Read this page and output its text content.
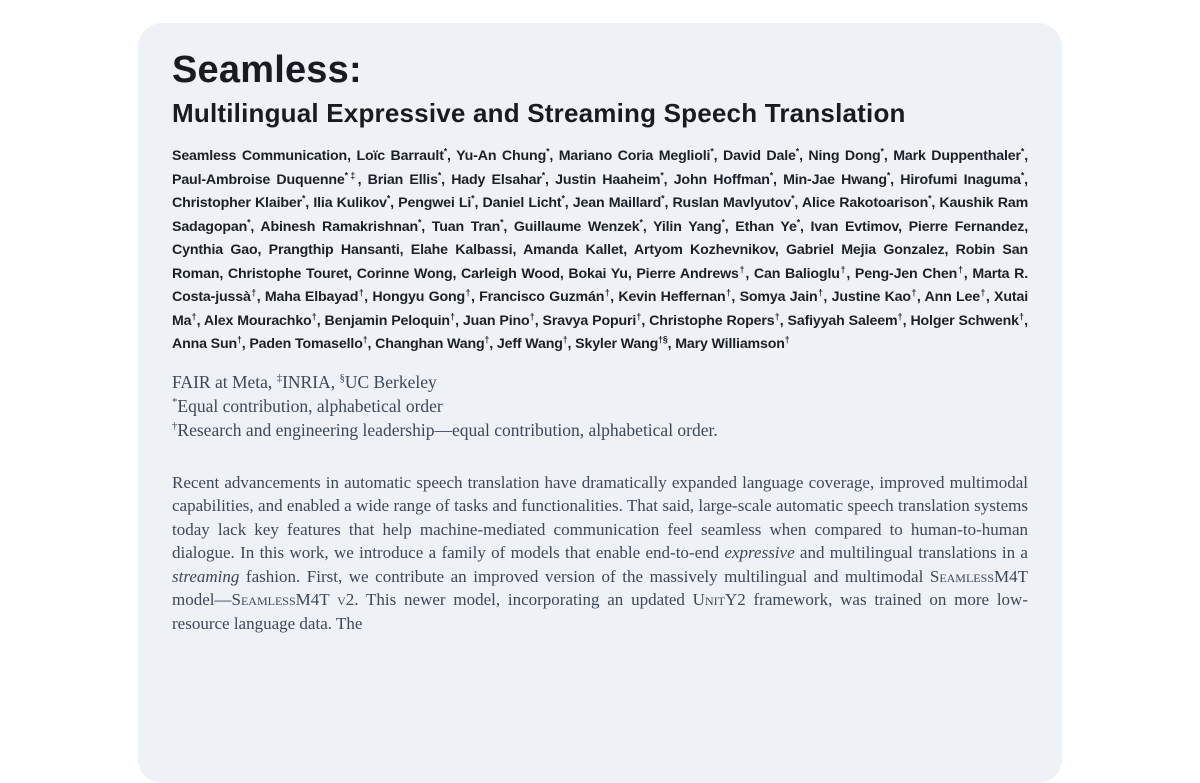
Seamless:
Multilingual Expressive and Streaming Speech Translation

Seamless Communication, Loïc Barrault*, Yu-An Chung*, Mariano Coria Meglioli*, David Dale*, Ning Dong*, Mark Duppenthaler*, Paul-Ambroise Duquenne*‡, Brian Ellis*, Hady Elsahar*, Justin Haaheim*, John Hoffman*, Min-Jae Hwang*, Hirofumi Inaguma*, Christopher Klaiber*, Ilia Kulikov*, Pengwei Li*, Daniel Licht*, Jean Maillard*, Ruslan Mavlyutov*, Alice Rakotoarison*, Kaushik Ram Sadagopan*, Abinesh Ramakrishnan*, Tuan Tran*, Guillaume Wenzek*, Yilin Yang*, Ethan Ye*, Ivan Evtimov, Pierre Fernandez, Cynthia Gao, Prangthip Hansanti, Elahe Kalbassi, Amanda Kallet, Artyom Kozhevnikov, Gabriel Mejia Gonzalez, Robin San Roman, Christophe Touret, Corinne Wong, Carleigh Wood, Bokai Yu, Pierre Andrews†, Can Balioglu†, Peng-Jen Chen†, Marta R. Costa-jussà†, Maha Elbayad†, Hongyu Gong†, Francisco Guzmán†, Kevin Heffernan†, Somya Jain†, Justine Kao†, Ann Lee†, Xutai Ma†, Alex Mourachko†, Benjamin Peloquin†, Juan Pino†, Sravya Popuri†, Christophe Ropers†, Safiyyah Saleem†, Holger Schwenk†, Anna Sun†, Paden Tomasello†, Changhan Wang†, Jeff Wang†, Skyler Wang†§, Mary Williamson†

FAIR at Meta, ‡INRIA, §UC Berkeley
*Equal contribution, alphabetical order
†Research and engineering leadership—equal contribution, alphabetical order.

Recent advancements in automatic speech translation have dramatically expanded language coverage, improved multimodal capabilities, and enabled a wide range of tasks and functionalities. That said, large-scale automatic speech translation systems today lack key features that help machine-mediated communication feel seamless when compared to human-to-human dialogue. In this work, we introduce a family of models that enable end-to-end expressive and multilingual translations in a streaming fashion. First, we contribute an improved version of the massively multilingual and multimodal SeamlessM4T model—SeamlessM4T v2. This newer model, incorporating an updated UnitY2 framework, was trained on more low-resource language data. The
